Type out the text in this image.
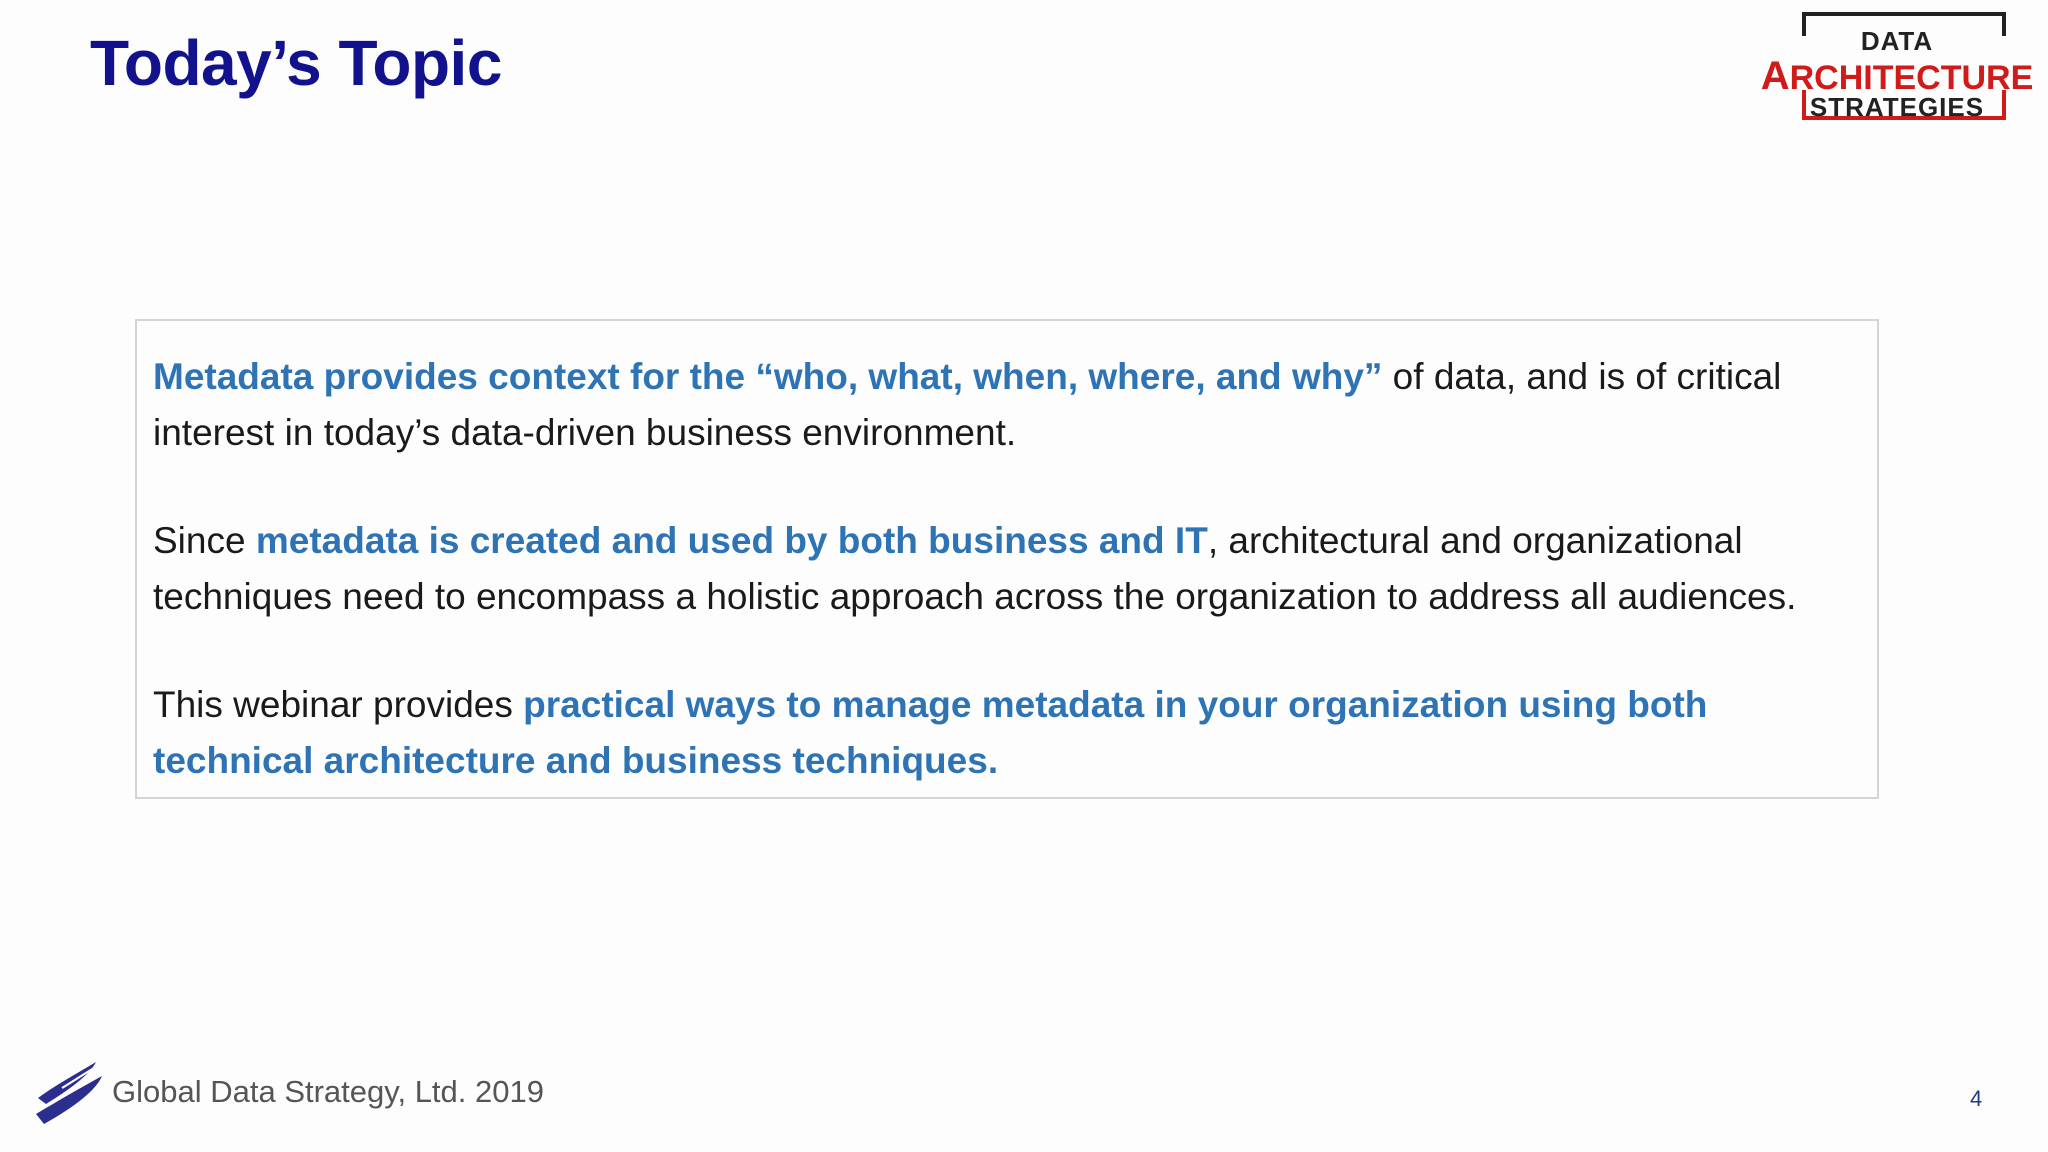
Today’s Topic	DATA
ARCHITECTURE
STRATEGIES

Metadata provides context for the “who, what, when, where, and why” of data, and is of critical interest in today’s data-driven business environment.

Since metadata is created and used by both business and IT, architectural and organizational techniques need to encompass a holistic approach across the organization to address all audiences.

This webinar provides practical ways to manage metadata in your organization using both technical architecture and business techniques.

Global Data Strategy, Ltd. 2019	4
